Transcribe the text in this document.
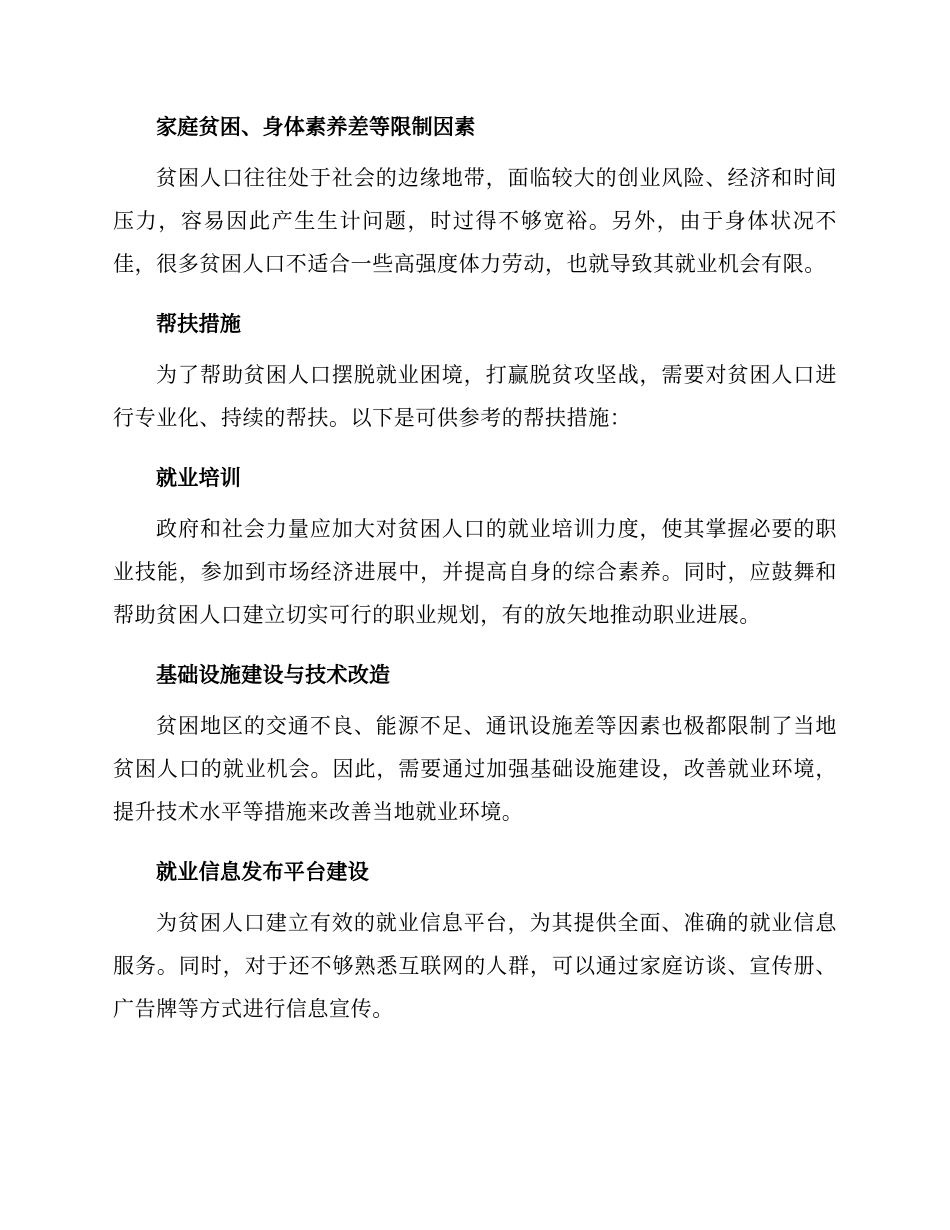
家庭贫困、身体素养差等限制因素

贫困人口往往处于社会的边缘地带，面临较大的创业风险、经济和时间压力，容易因此产生生计问题，时过得不够宽裕。另外，由于身体状况不佳，很多贫困人口不适合一些高强度体力劳动，也就导致其就业机会有限。

帮扶措施

为了帮助贫困人口摆脱就业困境，打赢脱贫攻坚战，需要对贫困人口进行专业化、持续的帮扶。以下是可供参考的帮扶措施：

就业培训

政府和社会力量应加大对贫困人口的就业培训力度，使其掌握必要的职业技能，参加到市场经济进展中，并提高自身的综合素养。同时，应鼓舞和帮助贫困人口建立切实可行的职业规划，有的放矢地推动职业进展。

基础设施建设与技术改造

贫困地区的交通不良、能源不足、通讯设施差等因素也极都限制了当地贫困人口的就业机会。因此，需要通过加强基础设施建设，改善就业环境，提升技术水平等措施来改善当地就业环境。

就业信息发布平台建设

为贫困人口建立有效的就业信息平台，为其提供全面、准确的就业信息服务。同时，对于还不够熟悉互联网的人群，可以通过家庭访谈、宣传册、广告牌等方式进行信息宣传。
